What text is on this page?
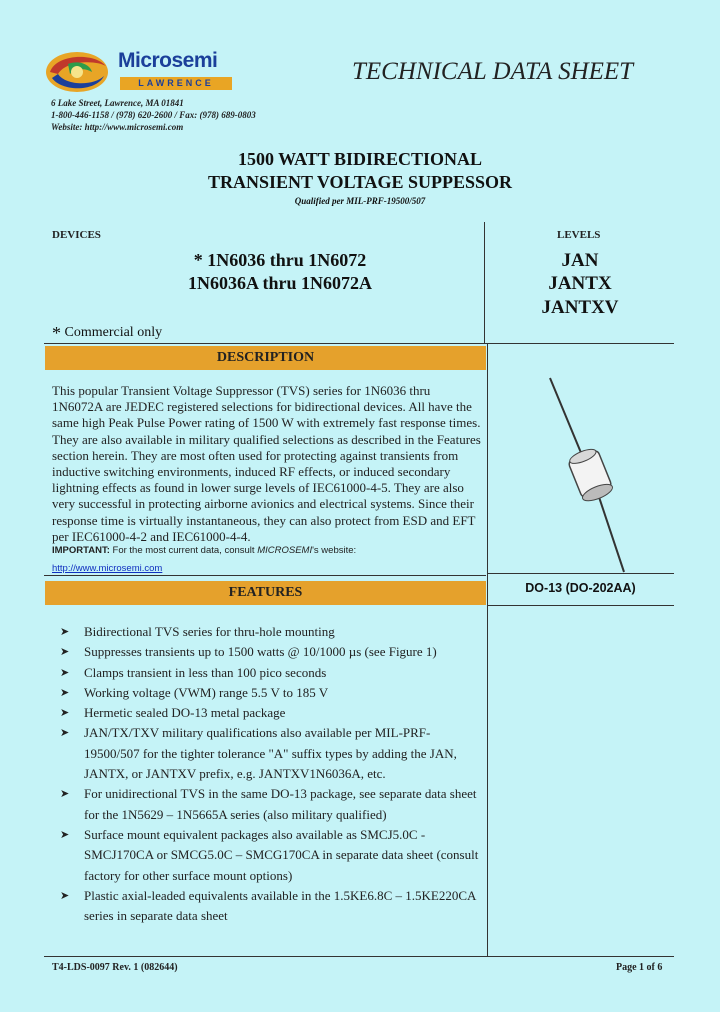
Microsemi
LAWRENCE
6 Lake Street, Lawrence, MA 01841
1-800-446-1158 / (978) 620-2600 / Fax: (978) 689-0803
Website: http://www.microsemi.com
TECHNICAL DATA SHEET
1500 WATT BIDIRECTIONAL
TRANSIENT VOLTAGE SUPPESSOR
Qualified per MIL-PRF-19500/507
DEVICES	LEVELS
* 1N6036 thru 1N6072
1N6036A thru 1N6072A
JAN
JANTX
JANTXV
* Commercial only
DESCRIPTION
This popular Transient Voltage Suppressor (TVS) series for 1N6036 thru 1N6072A are JEDEC registered selections for bidirectional devices. All have the same high Peak Pulse Power rating of 1500 W with extremely fast response times. They are also available in military qualified selections as described in the Features section herein. They are most often used for protecting against transients from inductive switching environments, induced RF effects, or induced secondary lightning effects as found in lower surge levels of IEC61000-4-5. They are also very successful in protecting airborne avionics and electrical systems. Since their response time is virtually instantaneous, they can also protect from ESD and EFT per IEC61000-4-2 and IEC61000-4-4.
IMPORTANT: For the most current data, consult MICROSEMI's website:
http://www.microsemi.com
DO-13 (DO-202AA)
FEATURES
➤ Bidirectional TVS series for thru-hole mounting
➤ Suppresses transients up to 1500 watts @ 10/1000 µs (see Figure 1)
➤ Clamps transient in less than 100 pico seconds
➤ Working voltage (VWM) range 5.5 V to 185 V
➤ Hermetic sealed DO-13 metal package
➤ JAN/TX/TXV military qualifications also available per MIL-PRF-19500/507 for the tighter tolerance "A" suffix types by adding the JAN, JANTX, or JANTXV prefix, e.g. JANTXV1N6036A, etc.
➤ For unidirectional TVS in the same DO-13 package, see separate data sheet for the 1N5629 – 1N5665A series (also military qualified)
➤ Surface mount equivalent packages also available as SMCJ5.0C - SMCJ170CA or SMCG5.0C – SMCG170CA in separate data sheet (consult factory for other surface mount options)
➤ Plastic axial-leaded equivalents available in the 1.5KE6.8C – 1.5KE220CA series in separate data sheet
T4-LDS-0097 Rev. 1 (082644)	Page 1 of 6
